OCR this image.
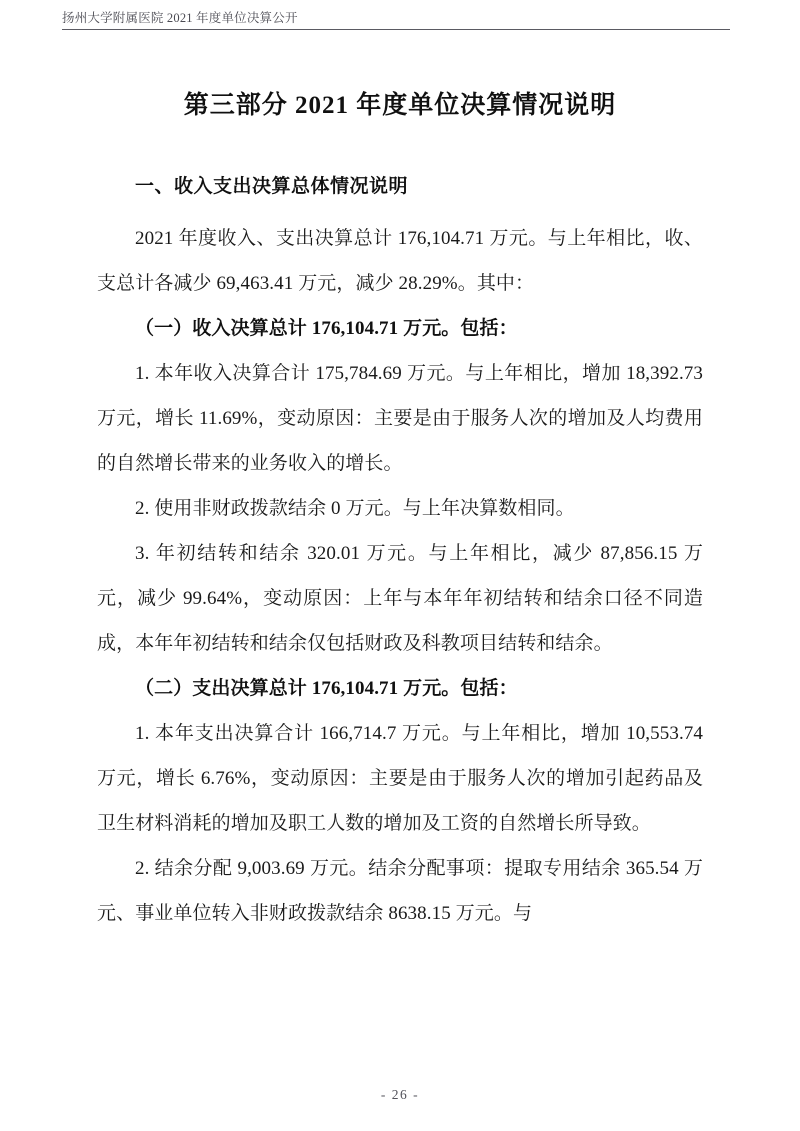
扬州大学附属医院 2021 年度单位决算公开
第三部分 2021 年度单位决算情况说明
一、收入支出决算总体情况说明

2021 年度收入、支出决算总计 176,104.71 万元。与上年相比，收、支总计各减少 69,463.41 万元，减少 28.29%。其中：

（一）收入决算总计 176,104.71 万元。包括：

1. 本年收入决算合计 175,784.69 万元。与上年相比，增加 18,392.73 万元，增长 11.69%，变动原因：主要是由于服务人次的增加及人均费用的自然增长带来的业务收入的增长。

2. 使用非财政拨款结余 0 万元。与上年决算数相同。

3. 年初结转和结余 320.01 万元。与上年相比，减少 87,856.15 万元，减少 99.64%，变动原因：上年与本年年初结转和结余口径不同造成，本年年初结转和结余仅包括财政及科教项目结转和结余。

（二）支出决算总计 176,104.71 万元。包括：

1. 本年支出决算合计 166,714.7 万元。与上年相比，增加 10,553.74 万元，增长 6.76%，变动原因：主要是由于服务人次的增加引起药品及卫生材料消耗的增加及职工人数的增加及工资的自然增长所导致。

2. 结余分配 9,003.69 万元。结余分配事项：提取专用结余 365.54 万元、事业单位转入非财政拨款结余 8638.15 万元。与

- 26 -
